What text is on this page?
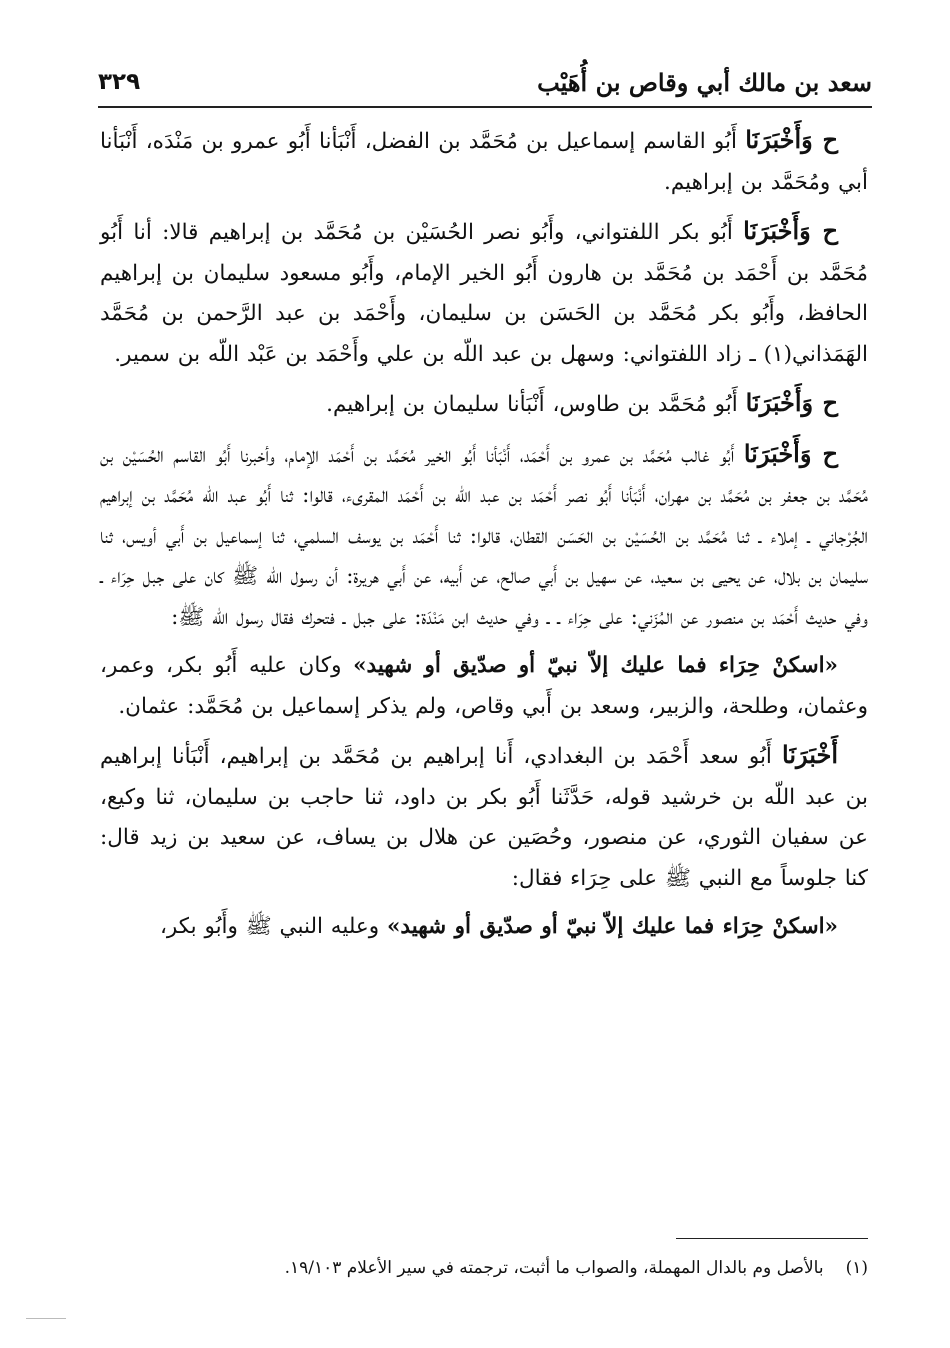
سعد بن مالك أبي وقاص بن أُهَيْب
٣٢٩

ح وَأَخْبَرَنَا أَبُو القاسم إسماعيل بن مُحَمَّد بن الفضل، أَنْبَأنا أَبُو عمرو بن مَنْدَه، أَنْبَأنا أبي ومُحَمَّد بن إبراهيم.

ح وَأَخْبَرَنَا أَبُو بكر اللفتواني، وأَبُو نصر الحُسَيْن بن مُحَمَّد بن إبراهيم قالا: أنا أَبُو مُحَمَّد بن أَحْمَد بن مُحَمَّد بن هارون أَبُو الخير الإمام، وأَبُو مسعود سليمان بن إبراهيم الحافظ، وأَبُو بكر مُحَمَّد بن الحَسَن بن سليمان، وأَحْمَد بن عبد الرَّحمن بن مُحَمَّد الهَمَذاني(١) ـ زاد اللفتواني: وسهل بن عبد اللّه بن علي وأَحْمَد بن عَبْد اللّه بن سمير.

ح وَأَخْبَرَنَا أَبُو مُحَمَّد بن طاوس، أَنْبَأنا سليمان بن إبراهيم.

ح وَأَخْبَرَنَا أَبُو غالب مُحَمَّد بن عمرو بن أَحْمَد، أَنْبَأنا أَبُو الخير مُحَمَّد بن أَحْمَد الإمام، وأخبرنا أَبُو القاسم الحُسَيْن بن مُحَمَّد بن جعفر بن مُحَمَّد بن مهران، أَنْبَأنا أَبُو نصر أَحْمَد بن عبد اللّه بن أَحْمَد المقرىء، قالوا: ثنا أَبُو عبد اللّه مُحَمَّد بن إبراهيم الجُرْجاني ـ إملاء ـ ثنا مُحَمَّد بن الحُسَيْن بن الحَسَن القطان، قالوا: ثنا أَحْمَد بن يوسف السلمي، ثنا إسماعيل بن أَبي أويس، ثنا سليمان بن بلال، عن يحيى بن سعيد، عن سهيل بن أَبي صالح، عن أَبيه، عن أَبي هريرة: أن رسول اللّه ﷺ كان على جبل حِرَاء ـ وفي حديث أَحْمَد بن منصور عن المُزَني: على حِرَاء ـ ـ وفي حديث ابن مَنْدَة: على جبل ـ فتحرك فقال رسول اللّه ﷺ:

«اسكنْ حِرَاء فما عليك إلاّ نبيّ أو صدّيق أو شهيد» وكان عليه أَبُو بكر، وعمر، وعثمان، وطلحة، والزبير، وسعد بن أَبي وقاص، ولم يذكر إسماعيل بن مُحَمَّد: عثمان.

أَخْبَرَنَا أَبُو سعد أَحْمَد بن البغدادي، أَنا إبراهيم بن مُحَمَّد بن إبراهيم، أَنْبَأنا إبراهيم بن عبد اللّه بن خرشيد قوله، حَدَّثَنا أَبُو بكر بن داود، ثنا حاجب بن سليمان، ثنا وكيع، عن سفيان الثوري، عن منصور، وحُصَين عن هلال بن يساف، عن سعيد بن زيد قال: كنا جلوساً مع النبي ﷺ على حِرَاء فقال:

«اسكنْ حِرَاء فما عليك إلاّ نبيّ أو صدّيق أو شهيد» وعليه النبي ﷺ وأَبُو بكر،

(١)بالأصل وم بالدال المهملة، والصواب ما أثبت، ترجمته في سير الأعلام ١٩/١٠٣.
